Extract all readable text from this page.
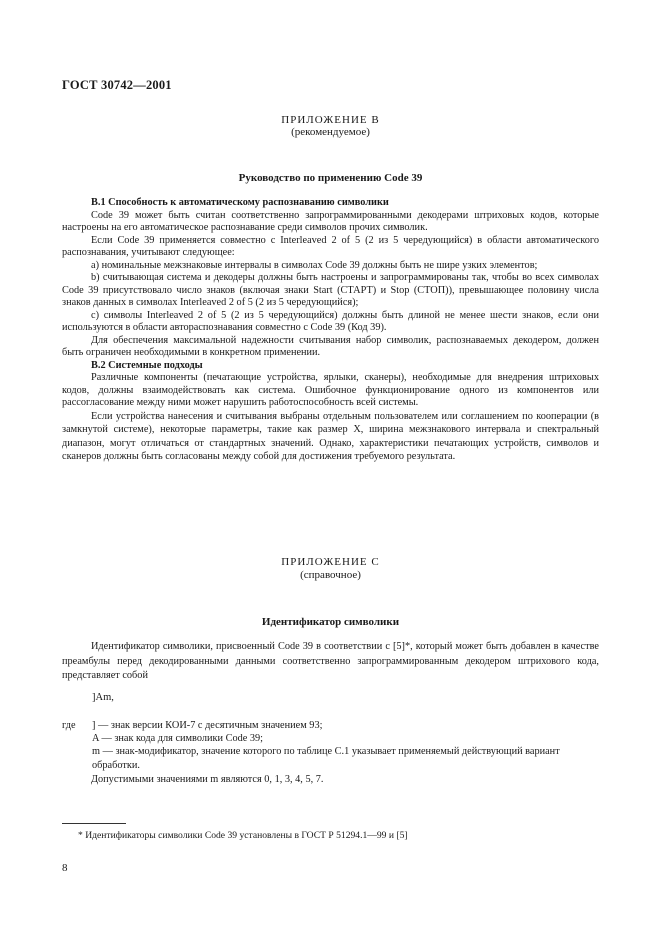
ГОСТ 30742—2001
ПРИЛОЖЕНИЕ В
(рекомендуемое)
Руководство по применению Code 39

В.1 Способность к автоматическому распознаванию символики

Code 39 может быть считан соответственно запрограммированными декодерами штриховых кодов, которые настроены на его автоматическое распознавание среди символов прочих символик.

Если Code 39 применяется совместно с Interleaved 2 of 5 (2 из 5 чередующийся) в области автоматического распознавания, учитывают следующее:

а) номинальные межзнаковые интервалы в символах Code 39 должны быть не шире узких элементов;

b) считывающая система и декодеры должны быть настроены и запрограммированы так, чтобы во всех символах Code 39 присутствовало число знаков (включая знаки Start (СТАРТ) и Stop (СТОП)), превышающее половину числа знаков данных в символах Interleaved 2 of 5 (2 из 5 чередующийся);

c) символы Interleaved 2 of 5 (2 из 5 чередующийся) должны быть длиной не менее шести знаков, если они используются в области автораспознавания совместно с Code 39 (Код 39).

Для обеспечения максимальной надежности считывания набор символик, распознаваемых декодером, должен быть ограничен необходимыми в конкретном применении.

В.2 Системные подходы

Различные компоненты (печатающие устройства, ярлыки, сканеры), необходимые для внедрения штриховых кодов, должны взаимодействовать как система. Ошибочное функционирование одного из компонентов или рассогласование между ними может нарушить работоспособность всей системы.

Если устройства нанесения и считывания выбраны отдельным пользователем или соглашением по кооперации (в замкнутой системе), некоторые параметры, такие как размер X, ширина межзнакового интервала и спектральный диапазон, могут отличаться от стандартных значений. Однако, характеристики печатающих устройств, символов и сканеров должны быть согласованы между собой для достижения требуемого результата.

ПРИЛОЖЕНИЕ С
(справочное)
Идентификатор символики

Идентификатор символики, присвоенный Code 39 в соответствии с [5]*, который может быть добавлен в качестве преамбулы перед декодированными данными соответственно запрограммированным декодером штрихового кода, представляет собой

]Am,
где	] — знак версии КОИ-7 с десятичным значением 93;
A — знак кода для символики Code 39;
m — знак-модификатор, значение которого по таблице С.1 указывает применяемый действующий вариант обработки.
Допустимыми значениями m являются 0, 1, 3, 4, 5, 7.
* Идентификаторы символики Code 39 установлены в ГОСТ Р 51294.1—99 и [5]
8
